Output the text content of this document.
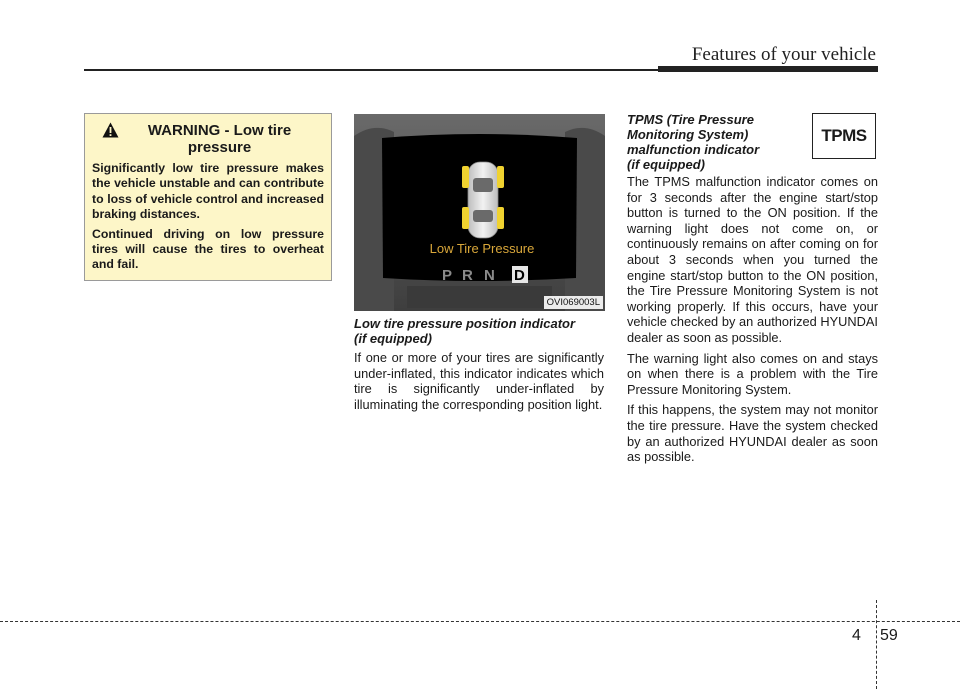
Features of your vehicle
WARNING - Low tire pressure

Significantly low tire pressure makes the vehicle unstable and can contribute to loss of vehicle control and increased braking distances.

Continued driving on low pressure tires will cause the tires to overheat and fail.

Low Tire Pressure
P R N D
OVI069003L
Low tire pressure position indicator
(if equipped)

If one or more of your tires are significantly under-inflated, this indicator indicates which tire is significantly under-inflated by illuminating the corresponding position light.

TPMS
TPMS (Tire Pressure
Monitoring System)
malfunction indicator
(if equipped)

The TPMS malfunction indicator comes on for 3 seconds after the engine start/stop button is turned to the ON position. If the warning light does not come on, or continuously remains on after coming on for about 3 seconds when you turned the engine start/stop button to the ON position, the Tire Pressure Monitoring System is not working properly. If this occurs, have your vehicle checked by an authorized HYUNDAI dealer as soon as possible.

The warning light also comes on and stays on when there is a problem with the Tire Pressure Monitoring System.

If this happens, the system may not monitor the tire pressure. Have the system checked by an authorized HYUNDAI dealer as soon as possible.

4 59
